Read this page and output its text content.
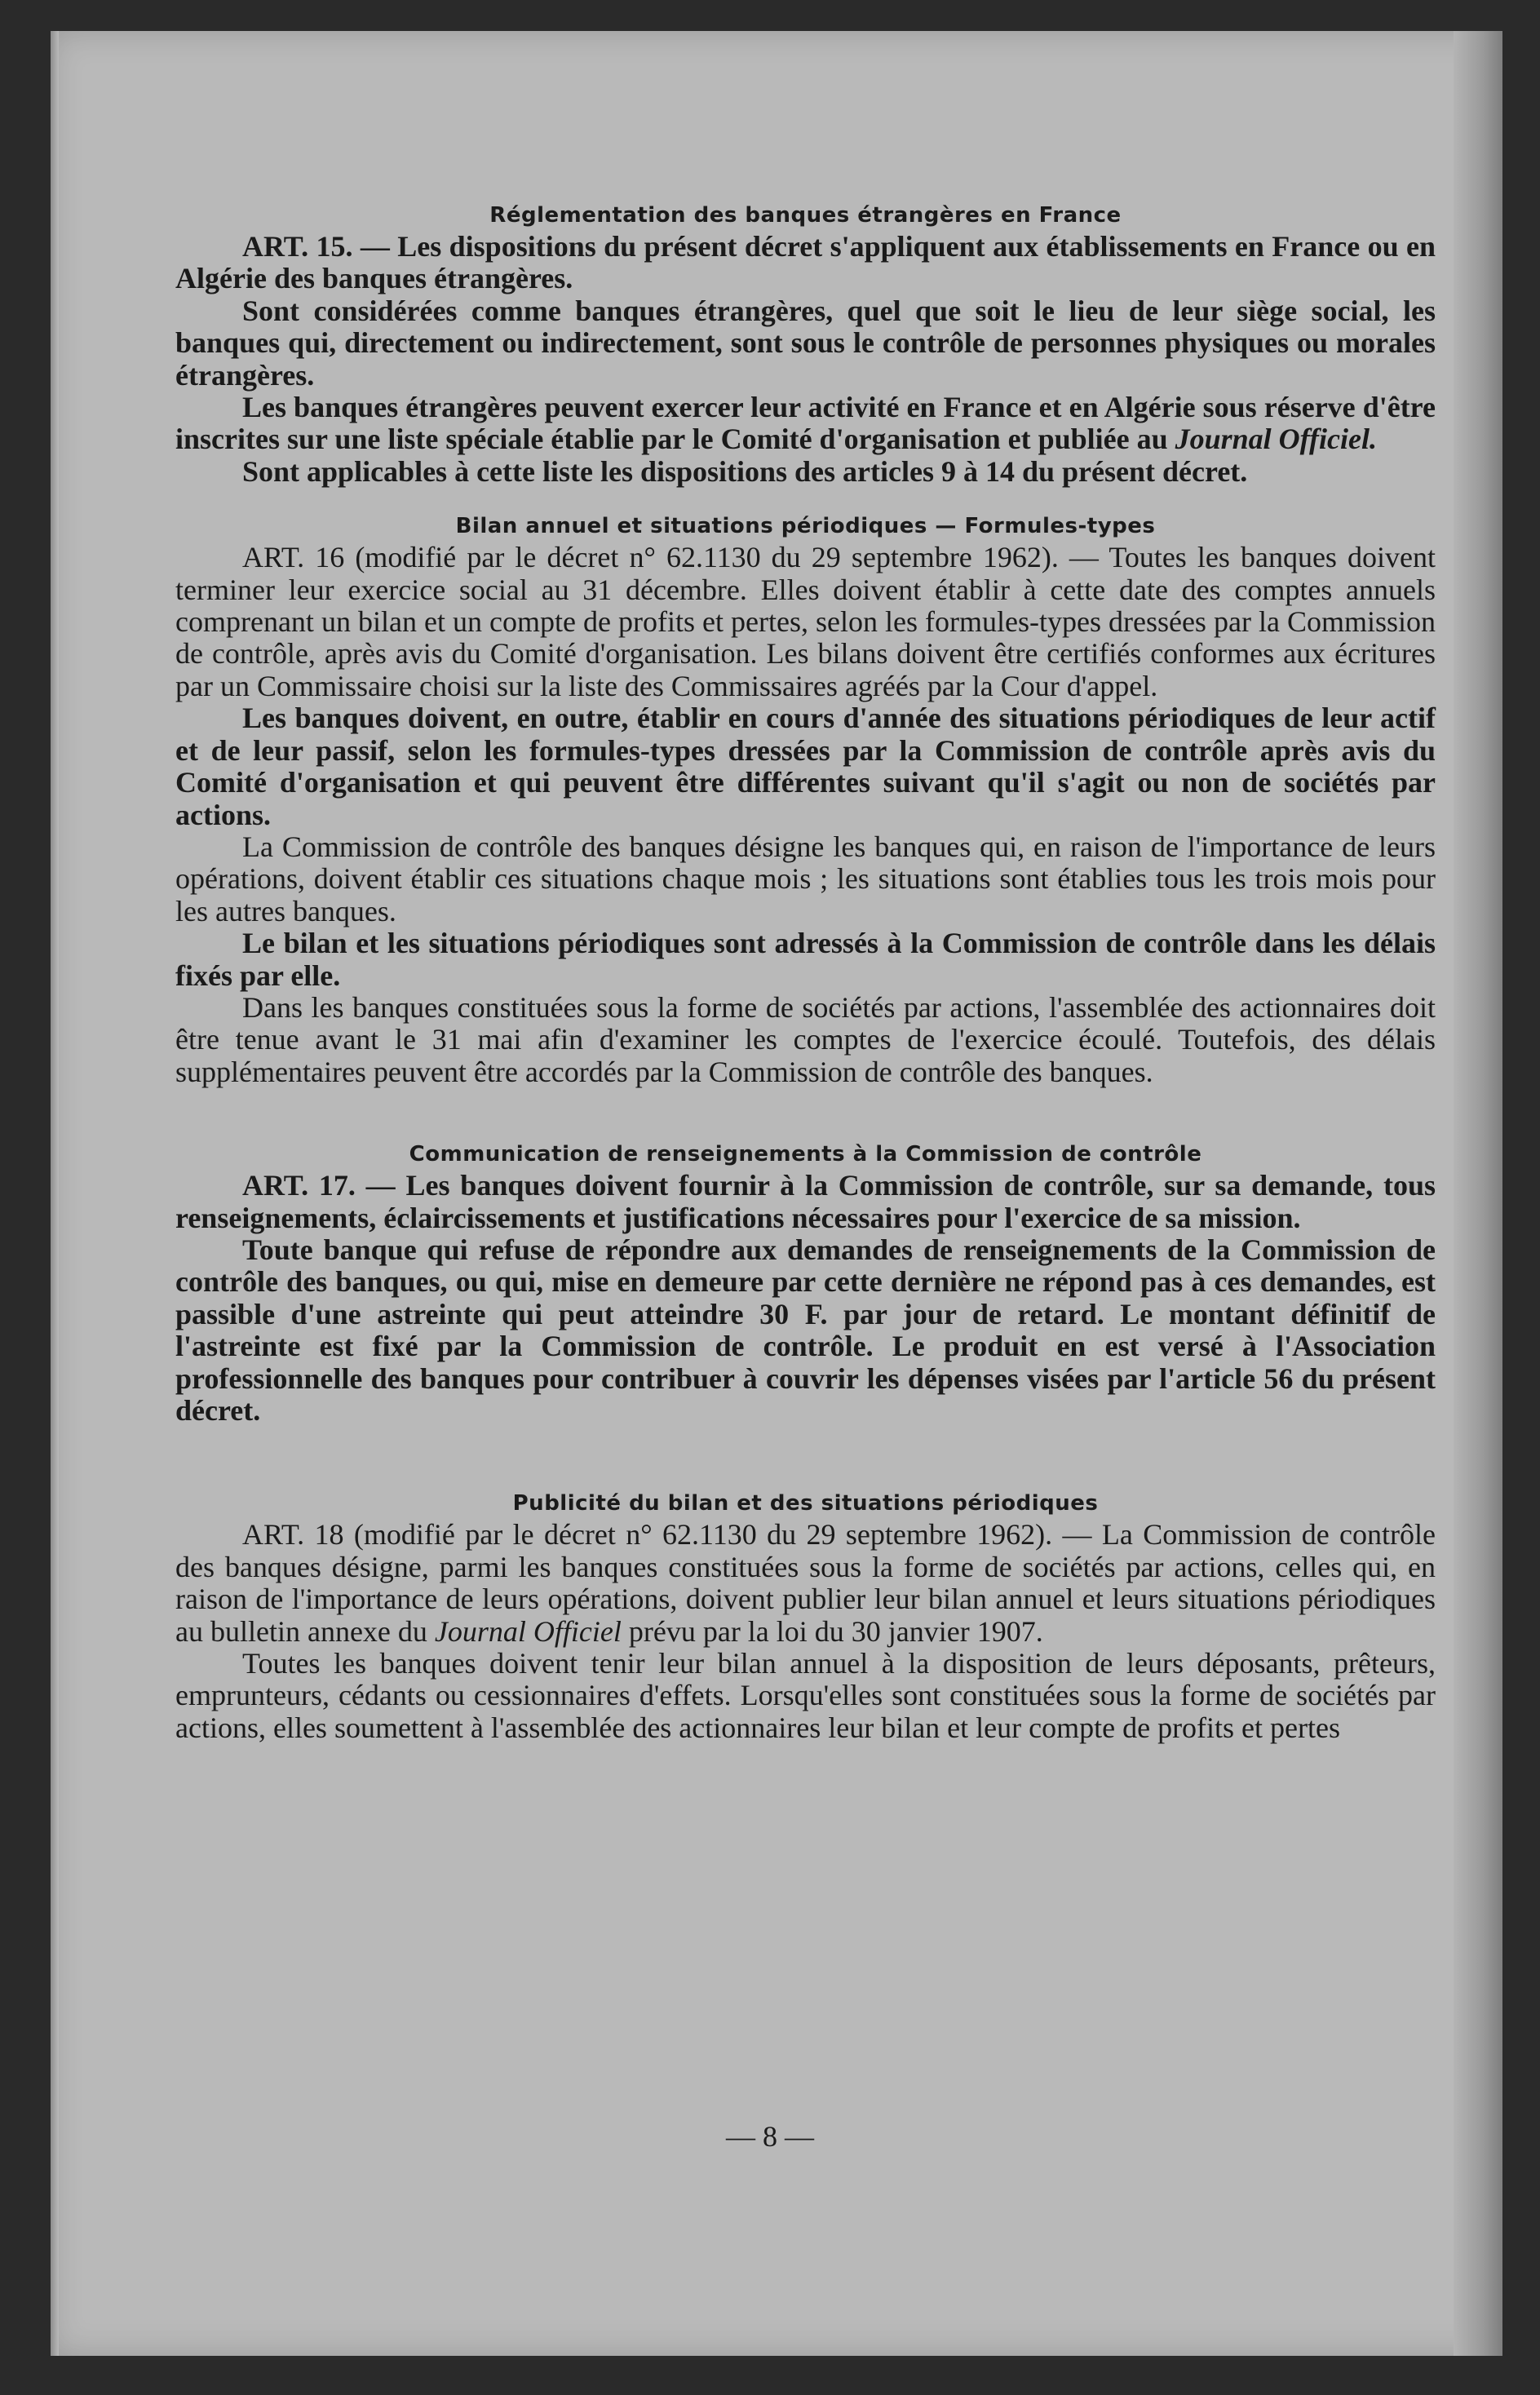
Réglementation des banques étrangères en France

ART. 15. — Les dispositions du présent décret s'appliquent aux établissements en France ou en Algérie des banques étrangères.

Sont considérées comme banques étrangères, quel que soit le lieu de leur siège social, les banques qui, directement ou indirectement, sont sous le contrôle de personnes physiques ou morales étrangères.

Les banques étrangères peuvent exercer leur activité en France et en Algérie sous réserve d'être inscrites sur une liste spéciale établie par le Comité d'organisation et publiée au Journal Officiel.

Sont applicables à cette liste les dispositions des articles 9 à 14 du présent décret.

Bilan annuel et situations périodiques — Formules-types

ART. 16 (modifié par le décret n° 62.1130 du 29 septembre 1962). — Toutes les banques doivent terminer leur exercice social au 31 décembre. Elles doivent établir à cette date des comptes annuels comprenant un bilan et un compte de profits et pertes, selon les formules-types dressées par la Commission de contrôle, après avis du Comité d'organisation. Les bilans doivent être certifiés conformes aux écritures par un Commissaire choisi sur la liste des Commissaires agréés par la Cour d'appel.

Les banques doivent, en outre, établir en cours d'année des situations périodiques de leur actif et de leur passif, selon les formules-types dressées par la Commission de contrôle après avis du Comité d'organisation et qui peuvent être différentes suivant qu'il s'agit ou non de sociétés par actions.

La Commission de contrôle des banques désigne les banques qui, en raison de l'importance de leurs opérations, doivent établir ces situations chaque mois ; les situations sont établies tous les trois mois pour les autres banques.

Le bilan et les situations périodiques sont adressés à la Commission de contrôle dans les délais fixés par elle.

Dans les banques constituées sous la forme de sociétés par actions, l'assemblée des actionnaires doit être tenue avant le 31 mai afin d'examiner les comptes de l'exercice écoulé. Toutefois, des délais supplémentaires peuvent être accordés par la Commission de contrôle des banques.

Communication de renseignements à la Commission de contrôle

ART. 17. — Les banques doivent fournir à la Commission de contrôle, sur sa demande, tous renseignements, éclaircissements et justifications nécessaires pour l'exercice de sa mission.

Toute banque qui refuse de répondre aux demandes de renseignements de la Commission de contrôle des banques, ou qui, mise en demeure par cette dernière ne répond pas à ces demandes, est passible d'une astreinte qui peut atteindre 30 F. par jour de retard. Le montant définitif de l'astreinte est fixé par la Commission de contrôle. Le produit en est versé à l'Association professionnelle des banques pour contribuer à couvrir les dépenses visées par l'article 56 du présent décret.

Publicité du bilan et des situations périodiques

ART. 18 (modifié par le décret n° 62.1130 du 29 septembre 1962). — La Commission de contrôle des banques désigne, parmi les banques constituées sous la forme de sociétés par actions, celles qui, en raison de l'importance de leurs opérations, doivent publier leur bilan annuel et leurs situations périodiques au bulletin annexe du Journal Officiel prévu par la loi du 30 janvier 1907.

Toutes les banques doivent tenir leur bilan annuel à la disposition de leurs déposants, prêteurs, emprunteurs, cédants ou cessionnaires d'effets. Lorsqu'elles sont constituées sous la forme de sociétés par actions, elles soumettent à l'assemblée des actionnaires leur bilan et leur compte de profits et pertes

— 8 —
